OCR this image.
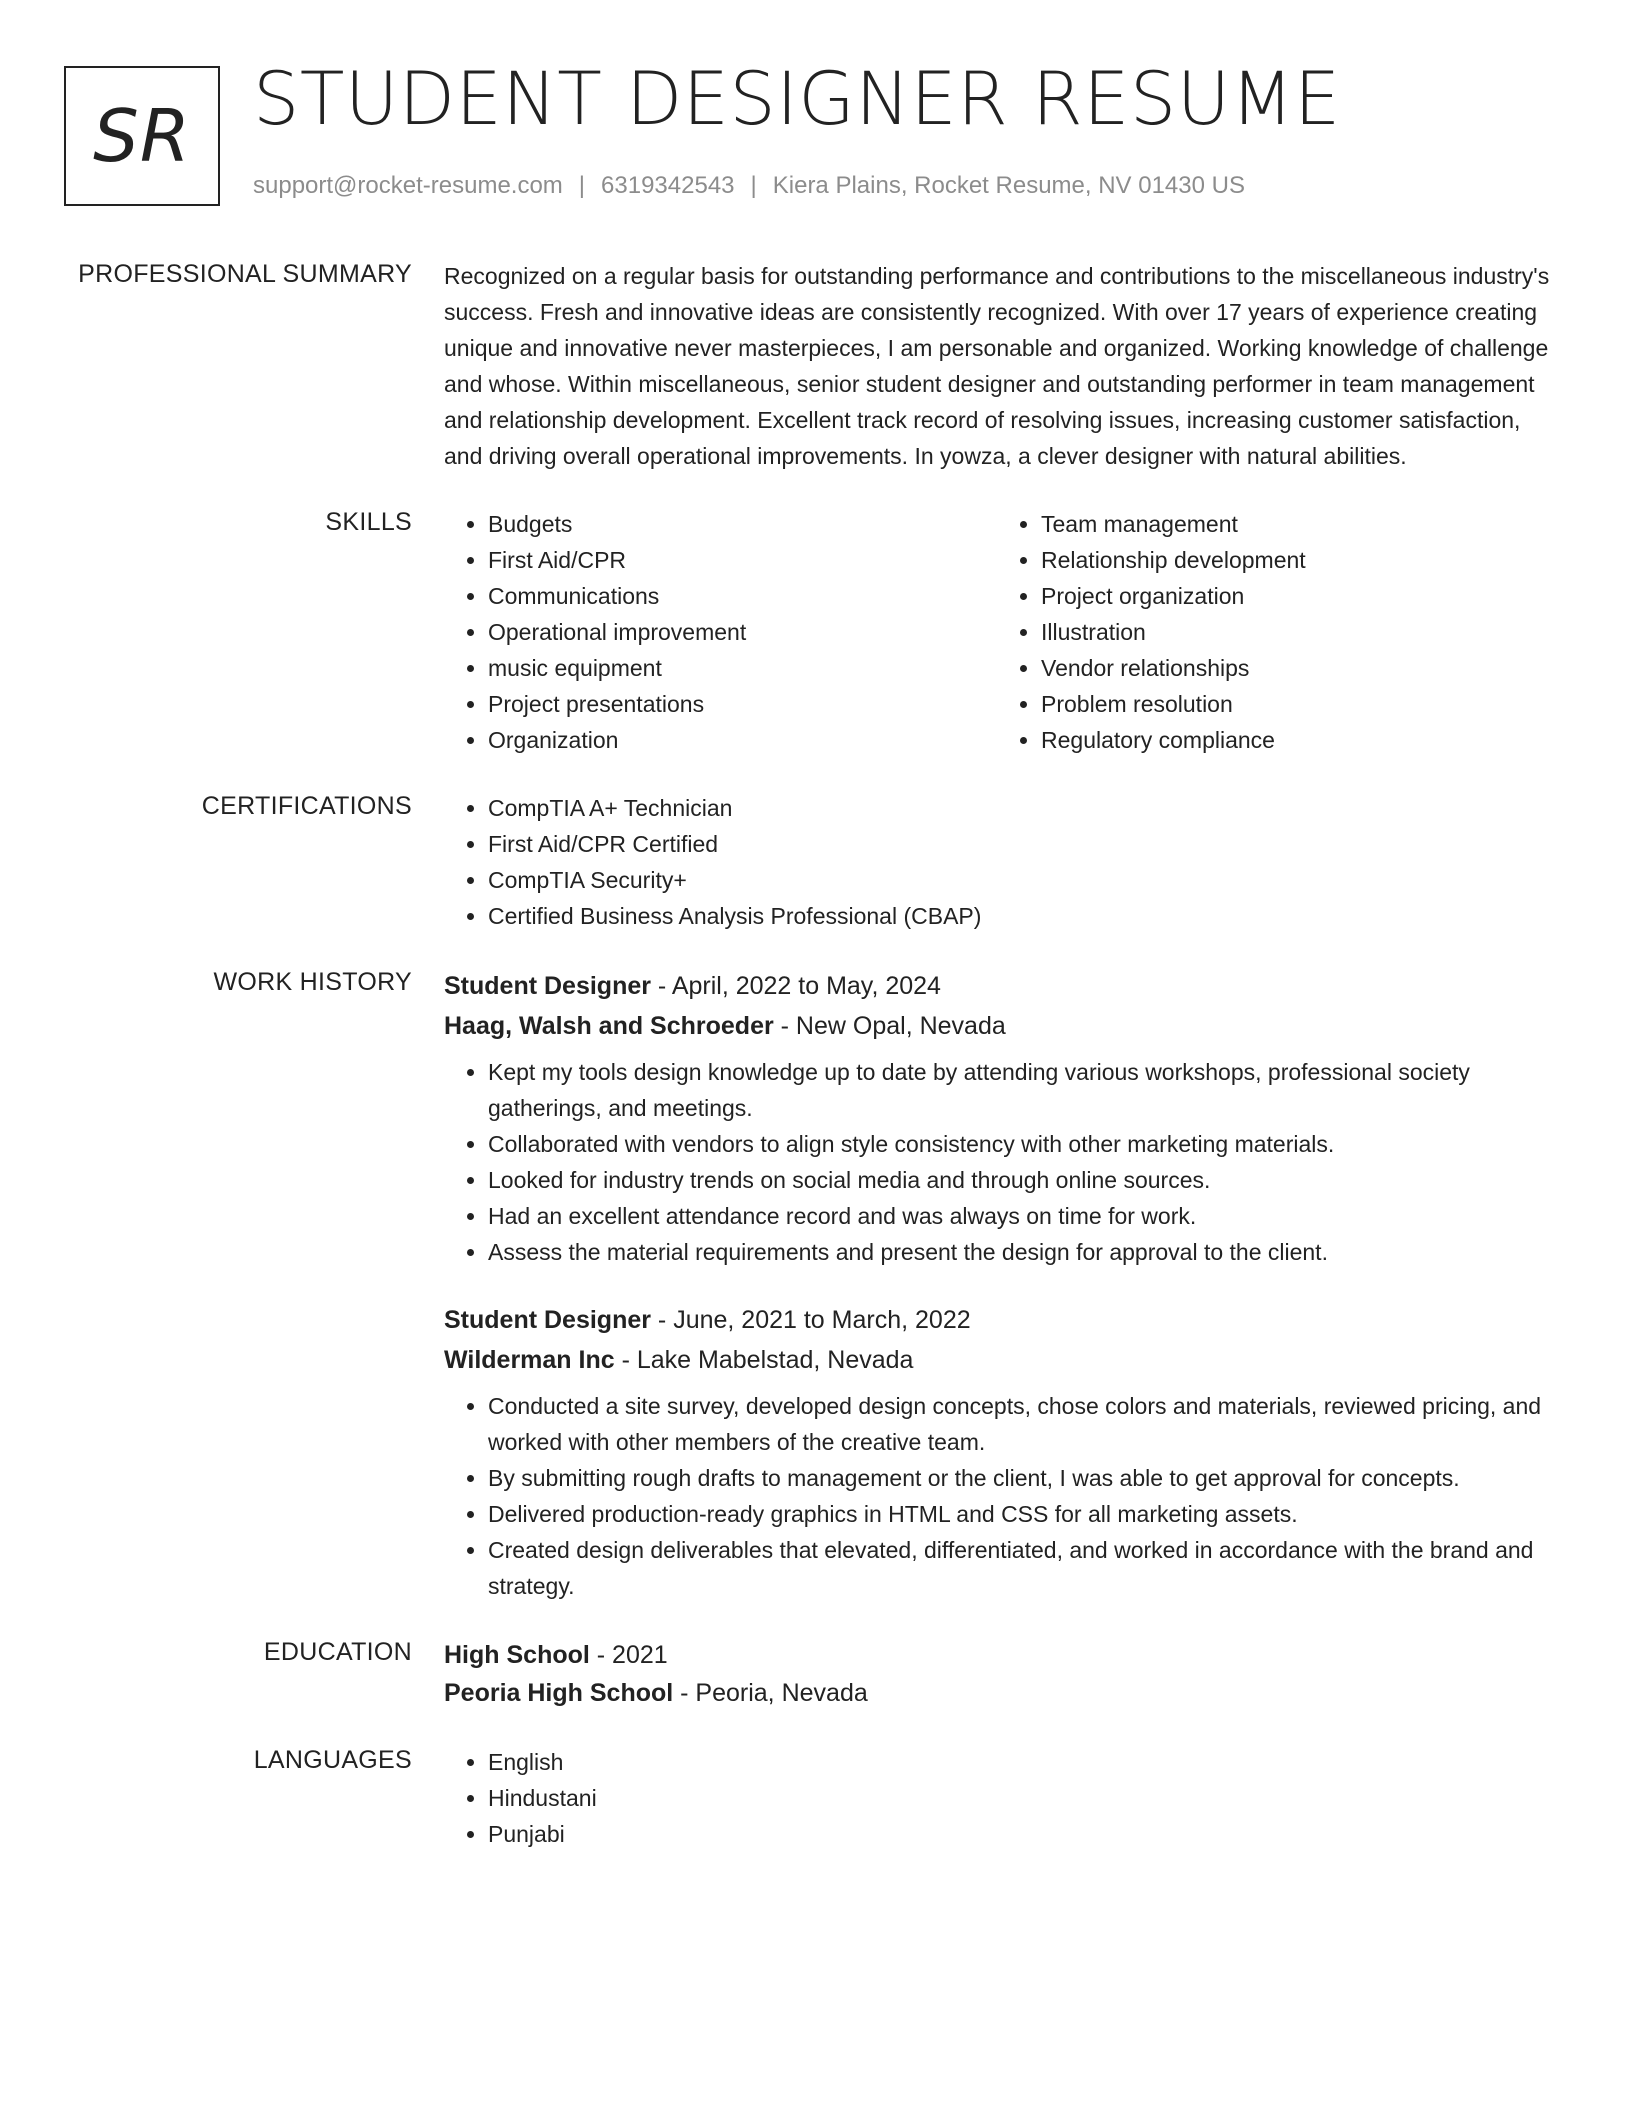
SR STUDENT DESIGNER RESUME
support@rocket-resume.com | 6319342543 | Kiera Plains, Rocket Resume, NV 01430 US
PROFESSIONAL SUMMARY Recognized on a regular basis for outstanding performance and contributions to the miscellaneous industry's success. Fresh and innovative ideas are consistently recognized. With over 17 years of experience creating unique and innovative never masterpieces, I am personable and organized. Working knowledge of challenge and whose. Within miscellaneous, senior student designer and outstanding performer in team management and relationship development. Excellent track record of resolving issues, increasing customer satisfaction, and driving overall operational improvements. In yowza, a clever designer with natural abilities.

SKILLS	• Budgets
• First Aid/CPR
• Communications
• Operational improvement
• music equipment
• Project presentations
• Organization
• Team management
• Relationship development
• Project organization
• Illustration
• Vendor relationships
• Problem resolution
• Regulatory compliance
CERTIFICATIONS	• CompTIA A+ Technician
• First Aid/CPR Certified
• CompTIA Security+
• Certified Business Analysis Professional (CBAP)
WORK HISTORY Student Designer - April, 2022 to May, 2024
Haag, Walsh and Schroeder - New Opal, Nevada
• Kept my tools design knowledge up to date by attending various workshops, professional society gatherings, and meetings.
• Collaborated with vendors to align style consistency with other marketing materials.
• Looked for industry trends on social media and through online sources.
• Had an excellent attendance record and was always on time for work.
• Assess the material requirements and present the design for approval to the client.
Student Designer - June, 2021 to March, 2022
Wilderman Inc - Lake Mabelstad, Nevada
• Conducted a site survey, developed design concepts, chose colors and materials, reviewed pricing, and worked with other members of the creative team.
• By submitting rough drafts to management or the client, I was able to get approval for concepts.
• Delivered production-ready graphics in HTML and CSS for all marketing assets.
• Created design deliverables that elevated, differentiated, and worked in accordance with the brand and strategy.
EDUCATION High School - 2021
Peoria High School - Peoria, Nevada
LANGUAGES	• English
• Hindustani
• Punjabi
